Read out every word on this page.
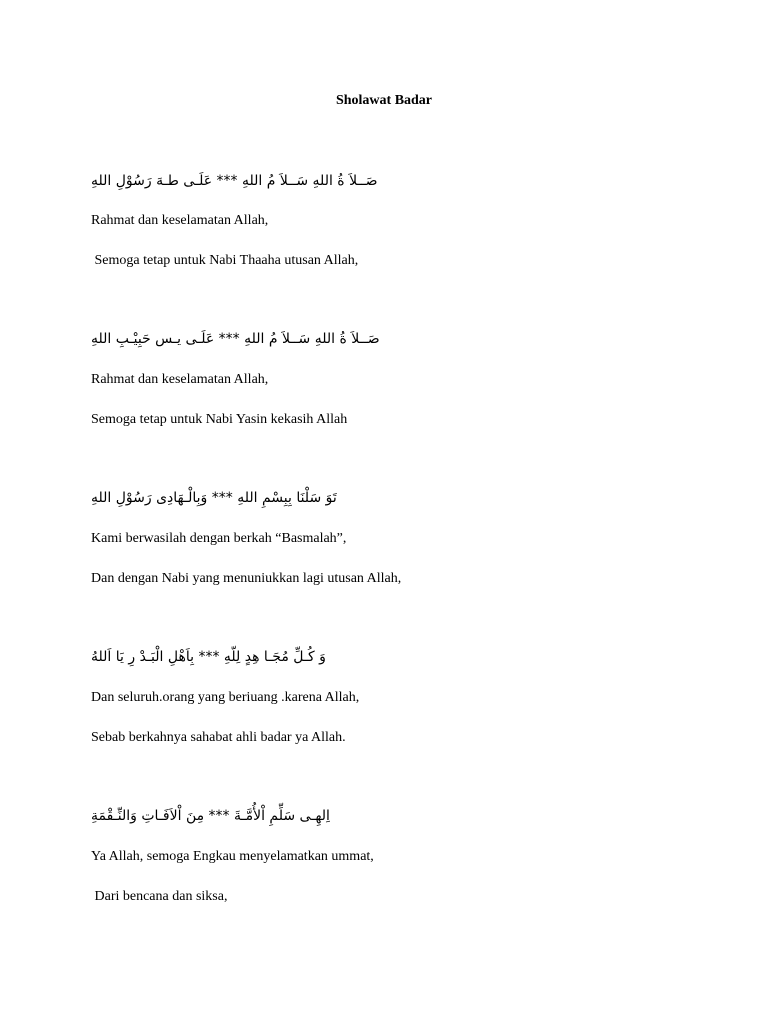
Sholawat Badar
صَــلاَ ةُ اللهِ سَــلاَ مُ اللهِ *** عَلَـى طـهَ رَسُوْلِ اللهِ
Rahmat dan keselamatan Allah,
Semoga tetap untuk Nabi Thaaha utusan Allah,
صَــلاَ ةُ اللهِ سَــلاَ مُ اللهِ *** عَلَـى يـس حَبِيْـبِ اللهِ
Rahmat dan keselamatan Allah,
Semoga tetap untuk Nabi Yasin kekasih Allah
تَوَ سَلْنَا بِبِسْمِ اللهِ *** وَبِالْـهَادِى رَسُوْلِ اللهِ
Kami berwasilah dengan berkah “Basmalah”,
Dan dengan Nabi yang menuniukkan lagi utusan Allah,
وَ كُـلِّ مُجَـا هِدٍ لِلّهِ *** بِاَهْلِ الْبَـدْ رِ يَا اَللهُ
Dan seluruh.orang yang beriuang .karena Allah,
Sebab berkahnya sahabat ahli badar ya Allah.
اِلهِـى سَلِّمِ اْلأُمَّـةَ *** مِنَ اْلاَفَـاتِ وَالنِّـقْمَةِ
Ya Allah, semoga Engkau menyelamatkan ummat,
Dari bencana dan siksa,
